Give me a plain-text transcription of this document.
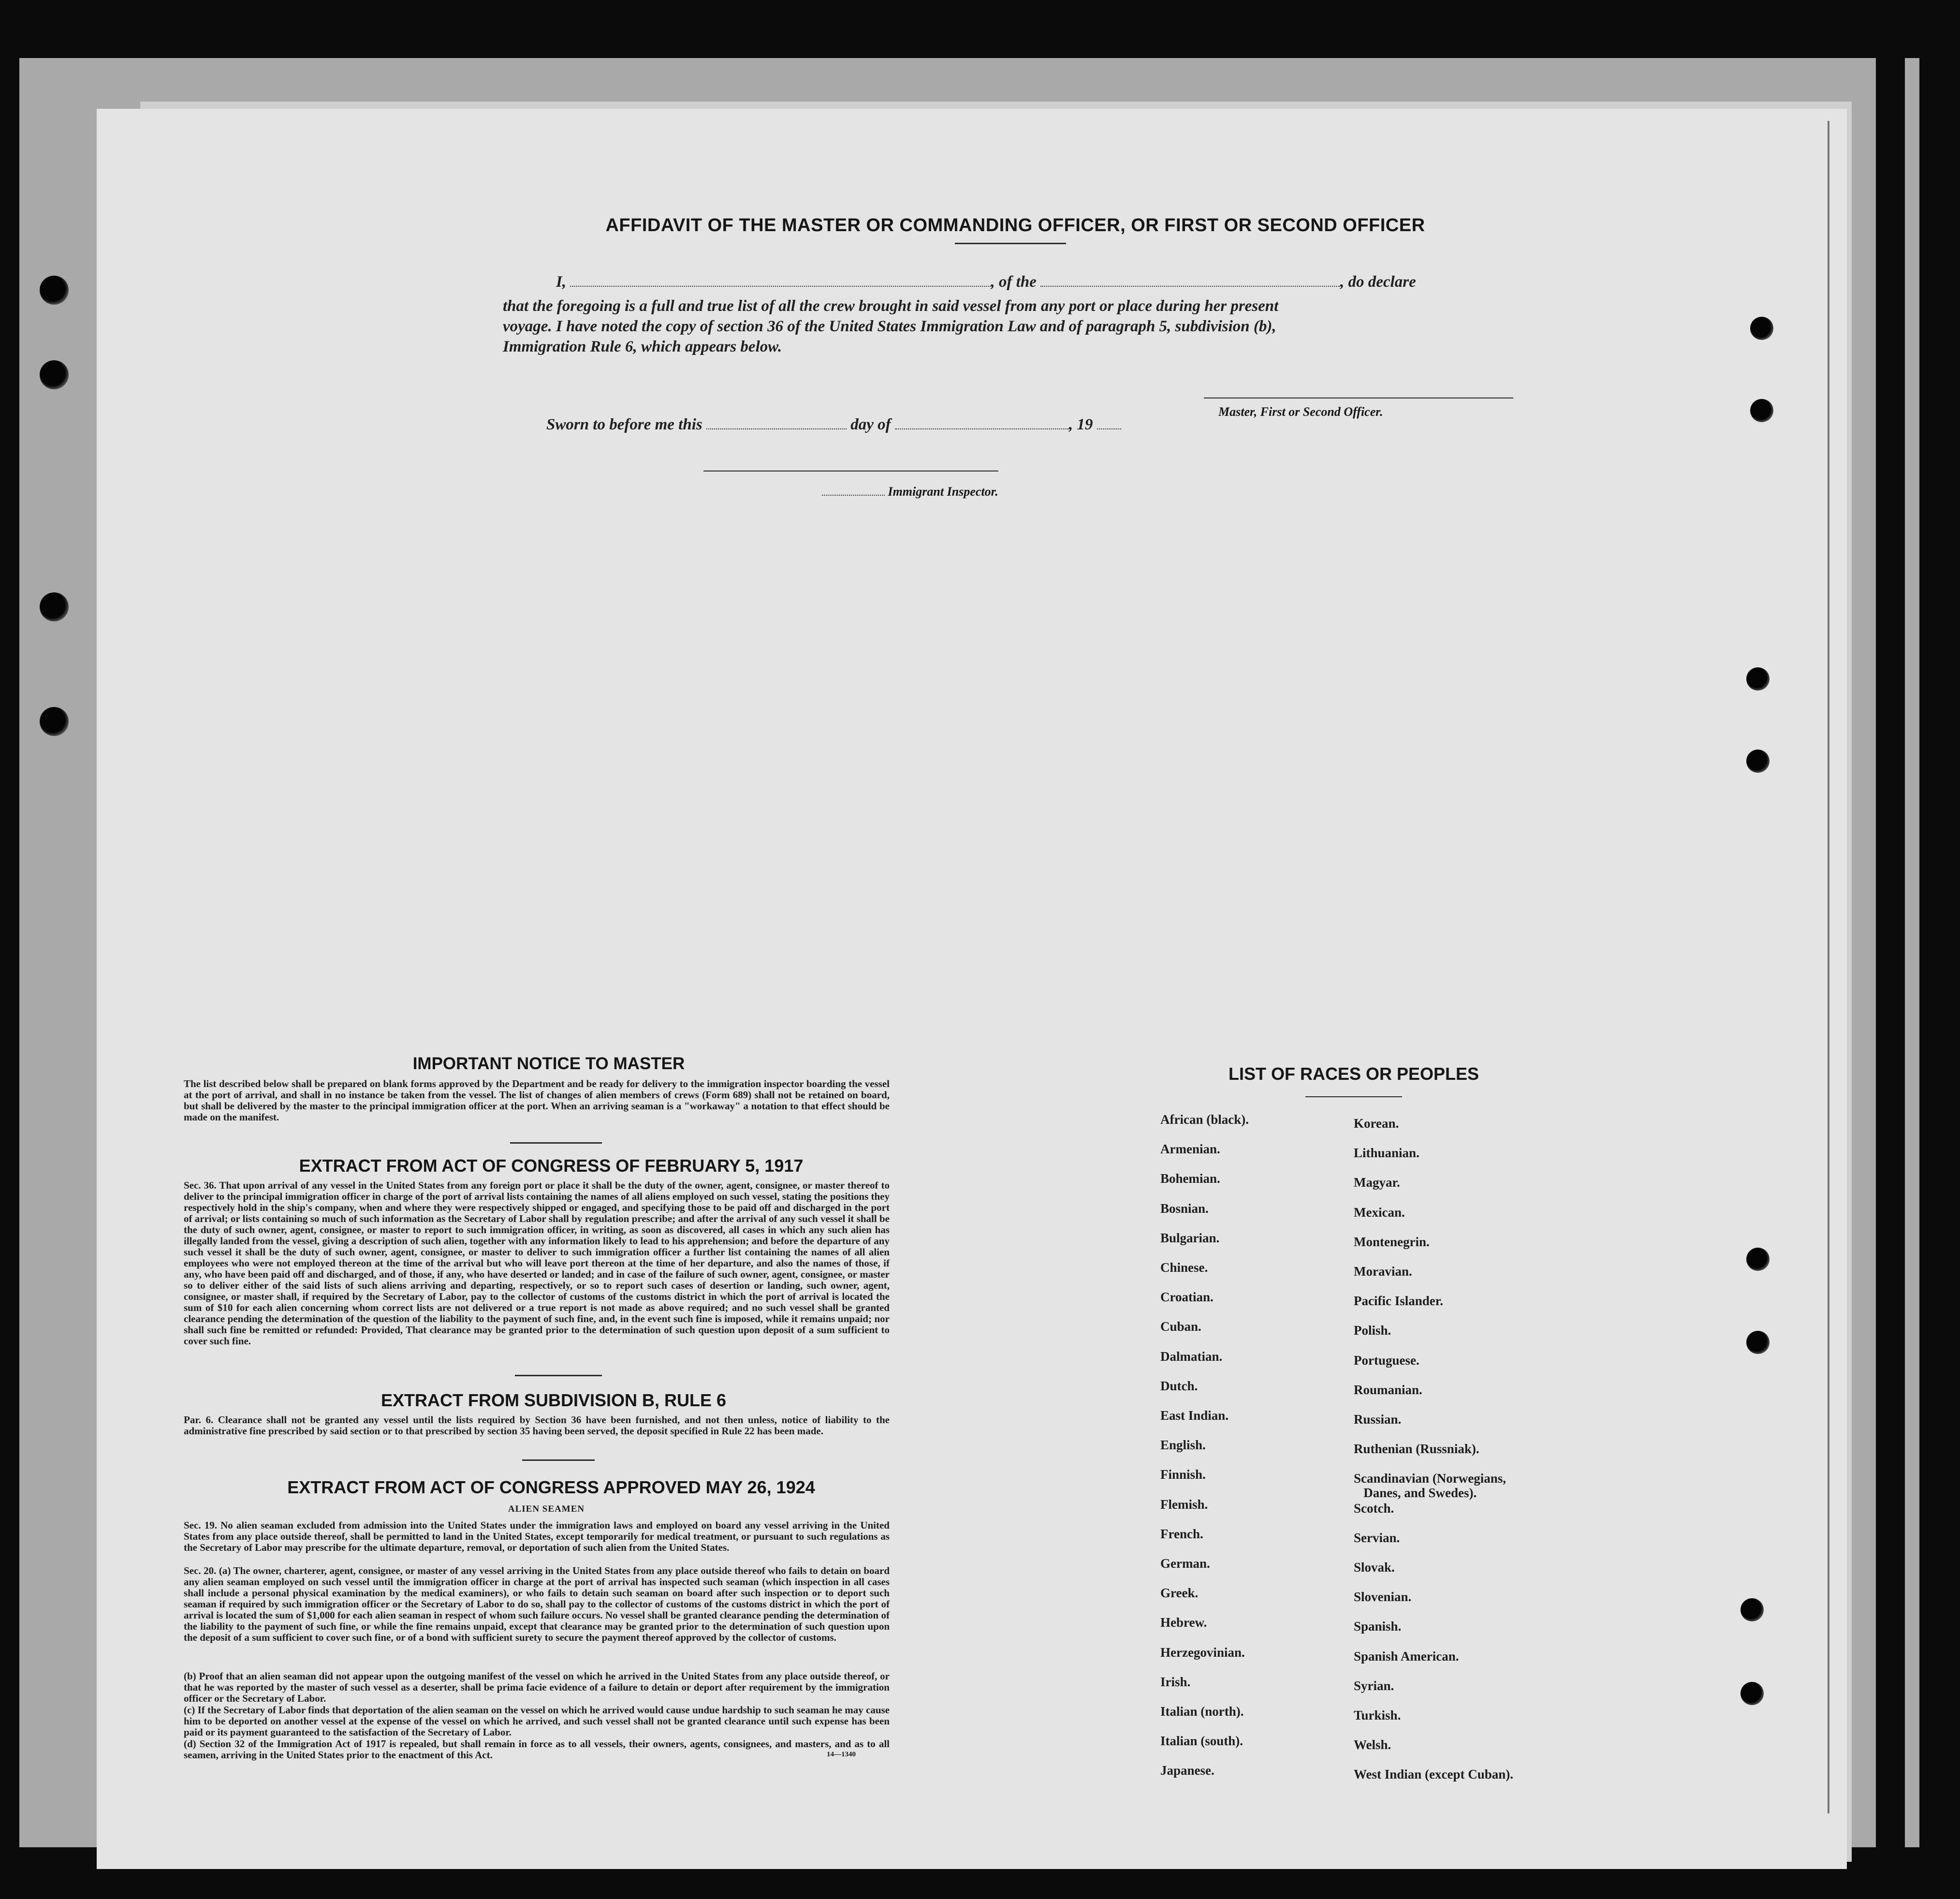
AFFIDAVIT OF THE MASTER OR COMMANDING OFFICER, OR FIRST OR SECOND OFFICER
I,	, of the	, do declare
that the foregoing is a full and true list of all the crew brought in said vessel from any port or place during her present
voyage. I have noted the copy of section 36 of the United States Immigration Law and of paragraph 5, subdivision (b),
Immigration Rule 6, which appears below.
Master, First or Second Officer.
Sworn to before me this	day of	, 19
Immigrant Inspector.
IMPORTANT NOTICE TO MASTER
The list described below shall be prepared on blank forms approved by the Department and be ready for delivery to the immigration inspector boarding the vessel at the port of arrival, and shall in no instance be taken from the vessel. The list of changes of alien members of crews (Form 689) shall not be retained on board, but shall be delivered by the master to the principal immigration officer at the port. When an arriving seaman is a "workaway" a notation to that effect should be made on the manifest.
EXTRACT FROM ACT OF CONGRESS OF FEBRUARY 5, 1917
Sec. 36. That upon arrival of any vessel in the United States from any foreign port or place it shall be the duty of the owner, agent, consignee, or master thereof to deliver to the principal immigration officer in charge of the port of arrival lists containing the names of all aliens employed on such vessel, stating the positions they respectively hold in the ship's company, when and where they were respectively shipped or engaged, and specifying those to be paid off and discharged in the port of arrival; or lists containing so much of such information as the Secretary of Labor shall by regulation prescribe; and after the arrival of any such vessel it shall be the duty of such owner, agent, consignee, or master to report to such immigration officer, in writing, as soon as discovered, all cases in which any such alien has illegally landed from the vessel, giving a description of such alien, together with any information likely to lead to his apprehension; and before the departure of any such vessel it shall be the duty of such owner, agent, consignee, or master to deliver to such immigration officer a further list containing the names of all alien employees who were not employed thereon at the time of the arrival but who will leave port thereon at the time of her departure, and also the names of those, if any, who have been paid off and discharged, and of those, if any, who have deserted or landed; and in case of the failure of such owner, agent, consignee, or master so to deliver either of the said lists of such aliens arriving and departing, respectively, or so to report such cases of desertion or landing, such owner, agent, consignee, or master shall, if required by the Secretary of Labor, pay to the collector of customs of the customs district in which the port of arrival is located the sum of $10 for each alien concerning whom correct lists are not delivered or a true report is not made as above required; and no such vessel shall be granted clearance pending the determination of the question of the liability to the payment of such fine, and, in the event such fine is imposed, while it remains unpaid; nor shall such fine be remitted or refunded: Provided, That clearance may be granted prior to the determination of such question upon deposit of a sum sufficient to cover such fine.
EXTRACT FROM SUBDIVISION B, RULE 6
Par. 6. Clearance shall not be granted any vessel until the lists required by Section 36 have been furnished, and not then unless, notice of liability to the administrative fine prescribed by said section or to that prescribed by section 35 having been served, the deposit specified in Rule 22 has been made.
EXTRACT FROM ACT OF CONGRESS APPROVED MAY 26, 1924
ALIEN SEAMEN
Sec. 19. No alien seaman excluded from admission into the United States under the immigration laws and employed on board any vessel arriving in the United States from any place outside thereof, shall be permitted to land in the United States, except temporarily for medical treatment, or pursuant to such regulations as the Secretary of Labor may prescribe for the ultimate departure, removal, or deportation of such alien from the United States.
Sec. 20. (a) The owner, charterer, agent, consignee, or master of any vessel arriving in the United States from any place outside thereof who fails to detain on board any alien seaman employed on such vessel until the immigration officer in charge at the port of arrival has inspected such seaman (which inspection in all cases shall include a personal physical examination by the medical examiners), or who fails to detain such seaman on board after such inspection or to deport such seaman if required by such immigration officer or the Secretary of Labor to do so, shall pay to the collector of customs of the customs district in which the port of arrival is located the sum of $1,000 for each alien seaman in respect of whom such failure occurs. No vessel shall be granted clearance pending the determination of the liability to the payment of such fine, or while the fine remains unpaid, except that clearance may be granted prior to the determination of such question upon the deposit of a sum sufficient to cover such fine, or of a bond with sufficient surety to secure the payment thereof approved by the collector of customs.
(b) Proof that an alien seaman did not appear upon the outgoing manifest of the vessel on which he arrived in the United States from any place outside thereof, or that he was reported by the master of such vessel as a deserter, shall be prima facie evidence of a failure to detain or deport after requirement by the immigration officer or the Secretary of Labor.
(c) If the Secretary of Labor finds that deportation of the alien seaman on the vessel on which he arrived would cause undue hardship to such seaman he may cause him to be deported on another vessel at the expense of the vessel on which he arrived, and such vessel shall not be granted clearance until such expense has been paid or its payment guaranteed to the satisfaction of the Secretary of Labor.
(d) Section 32 of the Immigration Act of 1917 is repealed, but shall remain in force as to all vessels, their owners, agents, consignees, and masters, and as to all seamen, arriving in the United States prior to the enactment of this Act.	14—1340
LIST OF RACES OR PEOPLES
African (black).
Armenian.
Bohemian.
Bosnian.
Bulgarian.
Chinese.
Croatian.
Cuban.
Dalmatian.
Dutch.
East Indian.
English.
Finnish.
Flemish.
French.
German.
Greek.
Hebrew.
Herzegovinian.
Irish.
Italian (north).
Italian (south).
Japanese.
Korean.
Lithuanian.
Magyar.
Mexican.
Montenegrin.
Moravian.
Pacific Islander.
Polish.
Portuguese.
Roumanian.
Russian.
Ruthenian (Russniak).
Scandinavian (Norwegians,
Danes, and Swedes).
Scotch.
Servian.
Slovak.
Slovenian.
Spanish.
Spanish American.
Syrian.
Turkish.
Welsh.
West Indian (except Cuban).
